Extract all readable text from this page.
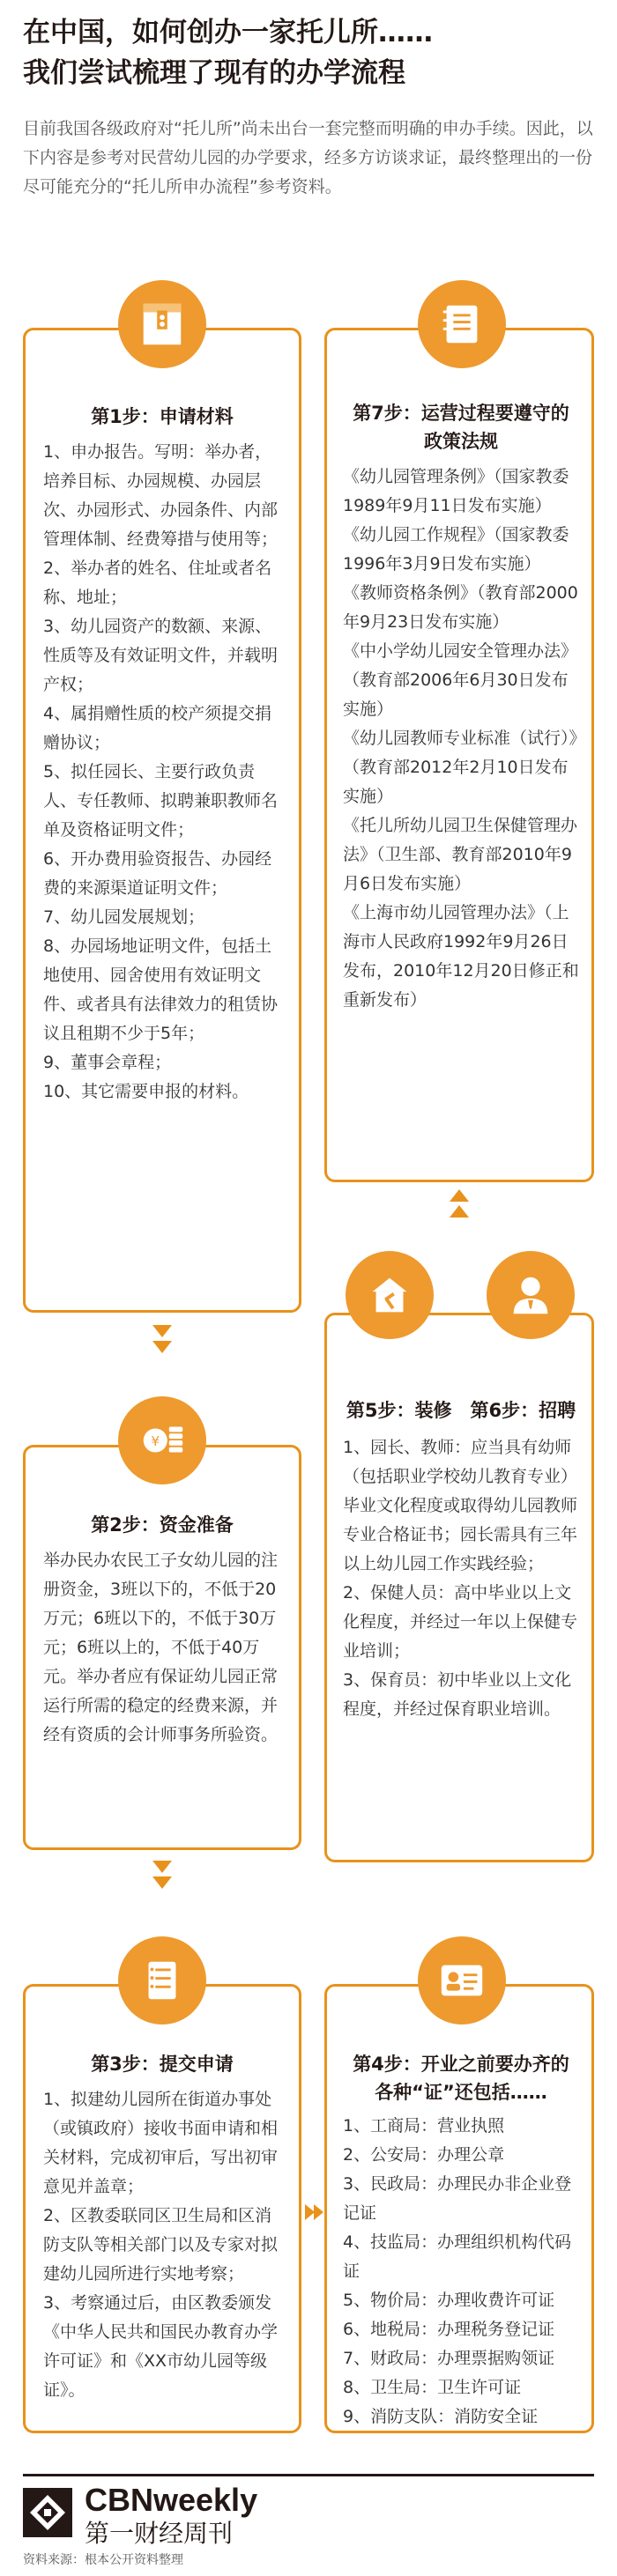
在中国，如何创办一家托儿所……
我们尝试梳理了现有的办学流程
目前我国各级政府对“托儿所”尚未出台一套完整而明确的申办手续。因此，以下内容是参考对民营幼儿园的办学要求，经多方访谈求证，最终整理出的一份尽可能充分的“托儿所申办流程”参考资料。
第1步：申请材料

1、申办报告。写明：举办者，培养目标、办园规模、办园层次、办园形式、办园条件、内部管理体制、经费筹措与使用等；

2、举办者的姓名、住址或者名称、地址；

3、幼儿园资产的数额、来源、性质等及有效证明文件，并载明产权；

4、属捐赠性质的校产须提交捐赠协议；

5、拟任园长、主要行政负责人、专任教师、拟聘兼职教师名单及资格证明文件；

6、开办费用验资报告、办园经费的来源渠道证明文件；

7、幼儿园发展规划；

8、办园场地证明文件，包括土地使用、园舍使用有效证明文件、或者具有法律效力的租赁协议且租期不少于5年；

9、董事会章程；

10、其它需要申报的材料。

第7步：运营过程要遵守的
政策法规

《幼儿园管理条例》（国家教委1989年9月11日发布实施）

《幼儿园工作规程》（国家教委1996年3月9日发布实施）

《教师资格条例》（教育部2000年9月23日发布实施）

《中小学幼儿园安全管理办法》（教育部2006年6月30日发布实施）

《幼儿园教师专业标准（试行）》（教育部2012年2月10日发布实施）

《托儿所幼儿园卫生保健管理办法》（卫生部、教育部2010年9月6日发布实施）

《上海市幼儿园管理办法》（上海市人民政府1992年9月26日发布，2010年12月20日修正和重新发布）

第2步：资金准备
举办民办农民工子女幼儿园的注册资金，3班以下的，不低于20万元；6班以下的，不低于30万元；6班以上的，不低于40万元。举办者应有保证幼儿园正常运行所需的稳定的经费来源，并经有资质的会计师事务所验资。
¥
第3步：提交申请

1、拟建幼儿园所在街道办事处（或镇政府）接收书面申请和相关材料，完成初审后，写出初审意见并盖章；

2、区教委联同区卫生局和区消防支队等相关部门以及专家对拟建幼儿园所进行实地考察；

3、考察通过后，由区教委颁发《中华人民共和国民办教育办学许可证》和《XX市幼儿园等级证》。

第4步：开业之前要办齐的
各种“证”还包括……

1、工商局：营业执照

2、公安局：办理公章

3、民政局：办理民办非企业登记证

4、技监局：办理组织机构代码证

5、物价局：办理收费许可证

6、地税局：办理税务登记证

7、财政局：办理票据购领证

8、卫生局：卫生许可证

9、消防支队：消防安全证

第5步：装修　第6步：招聘

1、园长、教师：应当具有幼师（包括职业学校幼儿教育专业）毕业文化程度或取得幼儿园教师专业合格证书；园长需具有三年以上幼儿园工作实践经验；

2、保健人员：高中毕业以上文化程度，并经过一年以上保健专业培训；

3、保育员：初中毕业以上文化程度，并经过保育职业培训。

CBNweekly
第一财经周刊
资料来源：根本公开资料整理
